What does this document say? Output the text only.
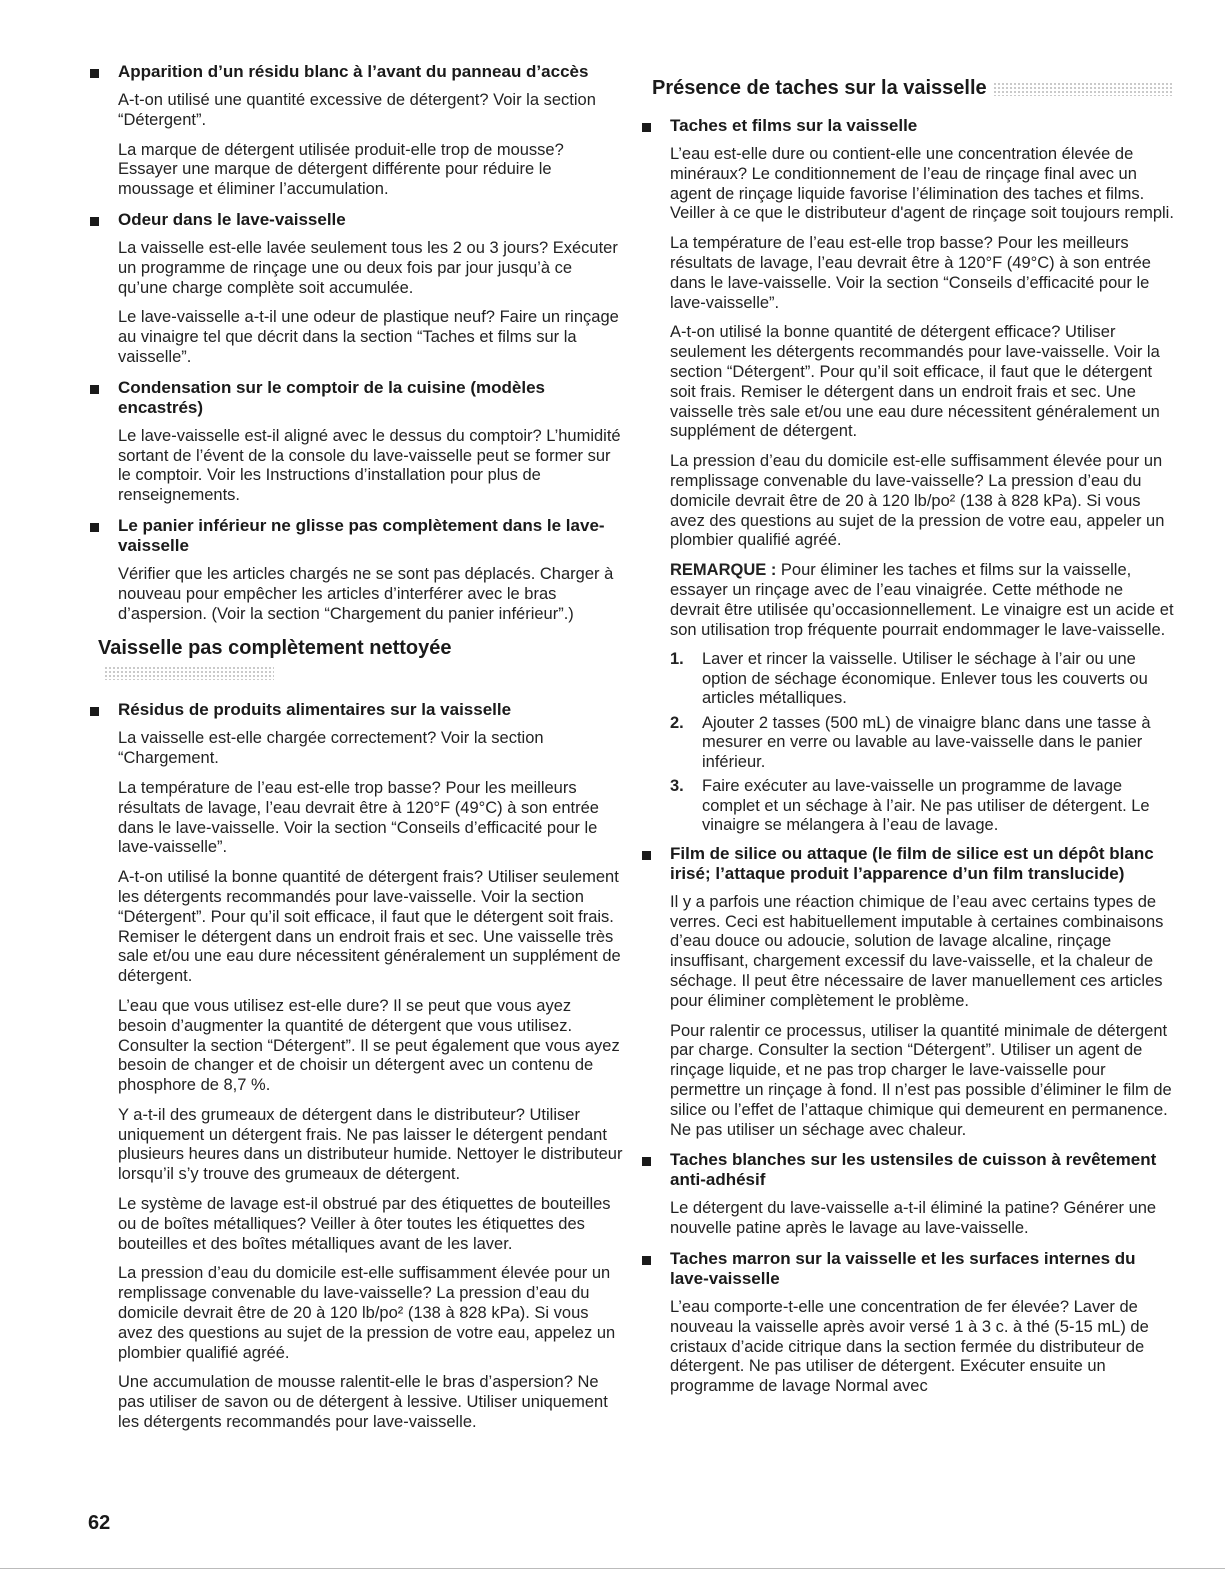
Apparition d’un résidu blanc à l’avant du panneau d’accès

A-t-on utilisé une quantité excessive de détergent? Voir la section “Détergent”.

La marque de détergent utilisée produit-elle trop de mousse? Essayer une marque de détergent différente pour réduire le moussage et éliminer l’accumulation.

Odeur dans le lave-vaisselle

La vaisselle est-elle lavée seulement tous les 2 ou 3 jours? Exécuter un programme de rinçage une ou deux fois par jour jusqu’à ce qu’une charge complète soit accumulée.

Le lave-vaisselle a-t-il une odeur de plastique neuf? Faire un rinçage au vinaigre tel que décrit dans la section “Taches et films sur la vaisselle”.

Condensation sur le comptoir de la cuisine (modèles encastrés)

Le lave-vaisselle est-il aligné avec le dessus du comptoir? L’humidité sortant de l’évent de la console du lave-vaisselle peut se former sur le comptoir. Voir les Instructions d’installation pour plus de renseignements.

Le panier inférieur ne glisse pas complètement dans le lave-vaisselle

Vérifier que les articles chargés ne se sont pas déplacés. Charger à nouveau pour empêcher les articles d’interférer avec le bras d’aspersion. (Voir la section “Chargement du panier inférieur”.)

Vaisselle pas complètement nettoyée
Résidus de produits alimentaires sur la vaisselle

La vaisselle est-elle chargée correctement? Voir la section “Chargement.

La température de l’eau est-elle trop basse? Pour les meilleurs résultats de lavage, l’eau devrait être à 120°F (49°C) à son entrée dans le lave-vaisselle. Voir la section “Conseils d’efficacité pour le lave-vaisselle”.

A-t-on utilisé la bonne quantité de détergent frais? Utiliser seulement les détergents recommandés pour lave-vaisselle. Voir la section “Détergent”. Pour qu’il soit efficace, il faut que le détergent soit frais. Remiser le détergent dans un endroit frais et sec. Une vaisselle très sale et/ou une eau dure nécessitent généralement un supplément de détergent.

L’eau que vous utilisez est-elle dure? Il se peut que vous ayez besoin d’augmenter la quantité de détergent que vous utilisez. Consulter la section “Détergent”. Il se peut également que vous ayez besoin de changer et de choisir un détergent avec un contenu de phosphore de 8,7 %.

Y a-t-il des grumeaux de détergent dans le distributeur? Utiliser uniquement un détergent frais. Ne pas laisser le détergent pendant plusieurs heures dans un distributeur humide. Nettoyer le distributeur lorsqu’il s’y trouve des grumeaux de détergent.

Le système de lavage est-il obstrué par des étiquettes de bouteilles ou de boîtes métalliques? Veiller à ôter toutes les étiquettes des bouteilles et des boîtes métalliques avant de les laver.

La pression d’eau du domicile est-elle suffisamment élevée pour un remplissage convenable du lave-vaisselle? La pression d’eau du domicile devrait être de 20 à 120 lb/po² (138 à 828 kPa). Si vous avez des questions au sujet de la pression de votre eau, appelez un plombier qualifié agréé.

Une accumulation de mousse ralentit-elle le bras d’aspersion? Ne pas utiliser de savon ou de détergent à lessive. Utiliser uniquement les détergents recommandés pour lave-vaisselle.

Présence de taches sur la vaisselle
Taches et films sur la vaisselle

L’eau est-elle dure ou contient-elle une concentration élevée de minéraux? Le conditionnement de l’eau de rinçage final avec un agent de rinçage liquide favorise l’élimination des taches et films. Veiller à ce que le distributeur d'agent de rinçage soit toujours rempli.

La température de l’eau est-elle trop basse? Pour les meilleurs résultats de lavage, l’eau devrait être à 120°F (49°C) à son entrée dans le lave-vaisselle. Voir la section “Conseils d’efficacité pour le lave-vaisselle”.

A-t-on utilisé la bonne quantité de détergent efficace? Utiliser seulement les détergents recommandés pour lave-vaisselle. Voir la section “Détergent”. Pour qu’il soit efficace, il faut que le détergent soit frais. Remiser le détergent dans un endroit frais et sec. Une vaisselle très sale et/ou une eau dure nécessitent généralement un supplément de détergent.

La pression d’eau du domicile est-elle suffisamment élevée pour un remplissage convenable du lave-vaisselle? La pression d’eau du domicile devrait être de 20 à 120 lb/po² (138 à 828 kPa). Si vous avez des questions au sujet de la pression de votre eau, appeler un plombier qualifié agréé.

REMARQUE : Pour éliminer les taches et films sur la vaisselle, essayer un rinçage avec de l’eau vinaigrée. Cette méthode ne devrait être utilisée qu’occasionnellement. Le vinaigre est un acide et son utilisation trop fréquente pourrait endommager le lave-vaisselle.

1. Laver et rincer la vaisselle. Utiliser le séchage à l’air ou une option de séchage économique. Enlever tous les couverts ou articles métalliques.
2. Ajouter 2 tasses (500 mL) de vinaigre blanc dans une tasse à mesurer en verre ou lavable au lave-vaisselle dans le panier inférieur.
3. Faire exécuter au lave-vaisselle un programme de lavage complet et un séchage à l’air. Ne pas utiliser de détergent. Le vinaigre se mélangera à l’eau de lavage.
Film de silice ou attaque (le film de silice est un dépôt blanc irisé; l’attaque produit l’apparence d’un film translucide)

Il y a parfois une réaction chimique de l’eau avec certains types de verres. Ceci est habituellement imputable à certaines combinaisons d’eau douce ou adoucie, solution de lavage alcaline, rinçage insuffisant, chargement excessif du lave-vaisselle, et la chaleur de séchage. Il peut être nécessaire de laver manuellement ces articles pour éliminer complètement le problème.

Pour ralentir ce processus, utiliser la quantité minimale de détergent par charge. Consulter la section “Détergent”. Utiliser un agent de rinçage liquide, et ne pas trop charger le lave-vaisselle pour permettre un rinçage à fond. Il n’est pas possible d’éliminer le film de silice ou l’effet de l’attaque chimique qui demeurent en permanence. Ne pas utiliser un séchage avec chaleur.

Taches blanches sur les ustensiles de cuisson à revêtement anti-adhésif

Le détergent du lave-vaisselle a-t-il éliminé la patine? Générer une nouvelle patine après le lavage au lave-vaisselle.

Taches marron sur la vaisselle et les surfaces internes du lave-vaisselle

L’eau comporte-t-elle une concentration de fer élevée? Laver de nouveau la vaisselle après avoir versé 1 à 3 c. à thé (5-15 mL) de cristaux d’acide citrique dans la section fermée du distributeur de détergent. Ne pas utiliser de détergent. Exécuter ensuite un programme de lavage Normal avec

62
